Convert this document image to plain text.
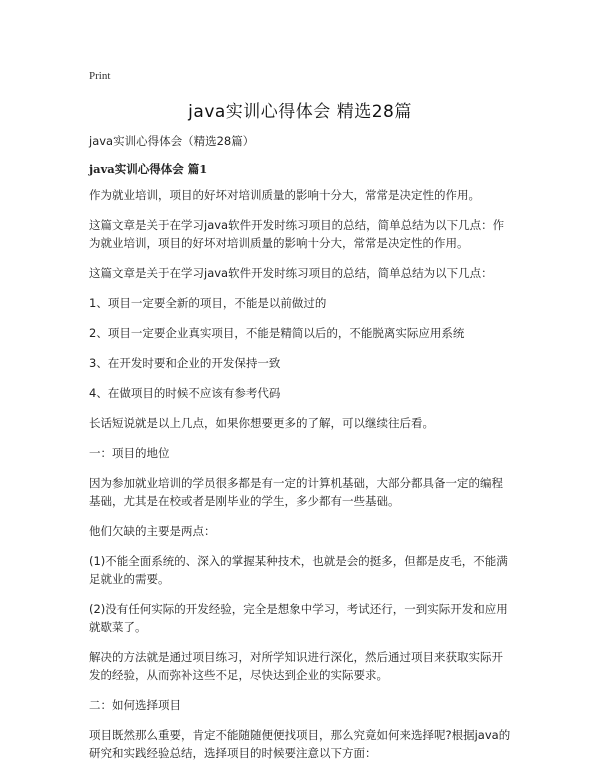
Print
java实训心得体会 精选28篇

java实训心得体会（精选28篇）

java实训心得体会 篇1

作为就业培训，项目的好坏对培训质量的影响十分大，常常是决定性的作用。

这篇文章是关于在学习java软件开发时练习项目的总结，简单总结为以下几点：作为就业培训，项目的好坏对培训质量的影响十分大，常常是决定性的作用。

这篇文章是关于在学习java软件开发时练习项目的总结，简单总结为以下几点：

1、项目一定要全新的项目，不能是以前做过的

2、项目一定要企业真实项目，不能是精简以后的，不能脱离实际应用系统

3、在开发时要和企业的开发保持一致

4、在做项目的时候不应该有参考代码

长话短说就是以上几点，如果你想要更多的了解，可以继续往后看。

一：项目的地位

因为参加就业培训的学员很多都是有一定的计算机基础，大部分都具备一定的编程基础，尤其是在校或者是刚毕业的学生，多少都有一些基础。

他们欠缺的主要是两点：

(1)不能全面系统的、深入的掌握某种技术，也就是会的挺多，但都是皮毛，不能满足就业的需要。

(2)没有任何实际的开发经验，完全是想象中学习，考试还行，一到实际开发和应用就歇菜了。

解决的方法就是通过项目练习，对所学知识进行深化，然后通过项目来获取实际开发的经验，从而弥补这些不足，尽快达到企业的实际要求。

二：如何选择项目

项目既然那么重要，肯定不能随随便便找项目，那么究竟如何来选择呢?根据java的研究和实践经验总结，选择项目的时候要注意以下方面：
